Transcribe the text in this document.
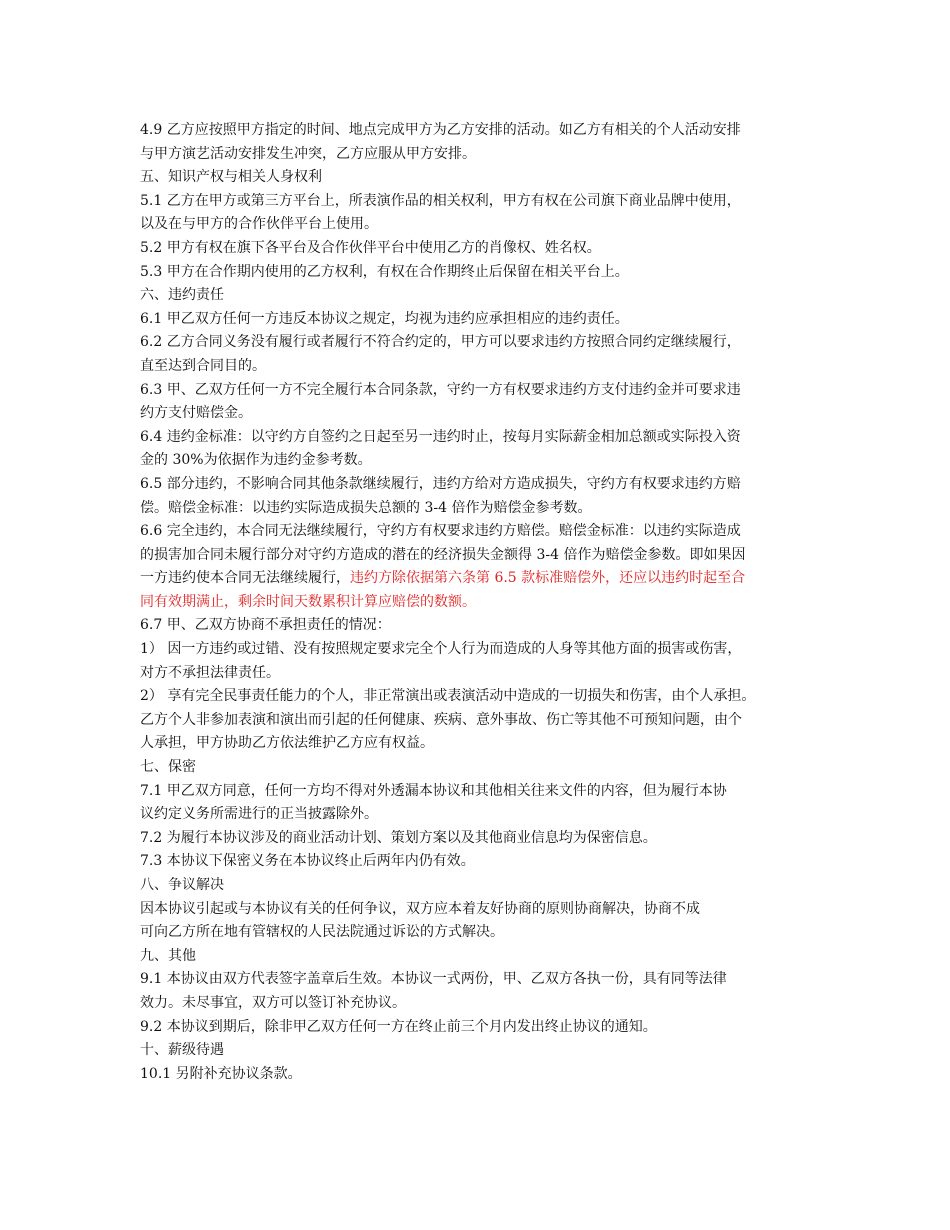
4.9 乙方应按照甲方指定的时间、地点完成甲方为乙方安排的活动。如乙方有相关的个人活动安排
与甲方演艺活动安排发生冲突，乙方应服从甲方安排。
五、知识产权与相关人身权利
5.1 乙方在甲方或第三方平台上，所表演作品的相关权利，甲方有权在公司旗下商业品牌中使用，
以及在与甲方的合作伙伴平台上使用。
5.2 甲方有权在旗下各平台及合作伙伴平台中使用乙方的肖像权、姓名权。
5.3 甲方在合作期内使用的乙方权利，有权在合作期终止后保留在相关平台上。
六、违约责任
6.1 甲乙双方任何一方违反本协议之规定，均视为违约应承担相应的违约责任。
6.2 乙方合同义务没有履行或者履行不符合约定的，甲方可以要求违约方按照合同约定继续履行，
直至达到合同目的。
6.3 甲、乙双方任何一方不完全履行本合同条款，守约一方有权要求违约方支付违约金并可要求违
约方支付赔偿金。
6.4 违约金标准：以守约方自签约之日起至另一违约时止，按每月实际薪金相加总额或实际投入资
金的 30%为依据作为违约金参考数。
6.5 部分违约，不影响合同其他条款继续履行，违约方给对方造成损失，守约方有权要求违约方赔
偿。赔偿金标准：以违约实际造成损失总额的 3-4 倍作为赔偿金参考数。
6.6 完全违约，本合同无法继续履行，守约方有权要求违约方赔偿。赔偿金标准：以违约实际造成
的损害加合同未履行部分对守约方造成的潜在的经济损失金额得 3-4 倍作为赔偿金参数。即如果因
一方违约使本合同无法继续履行，违约方除依据第六条第 6.5 款标准赔偿外，还应以违约时起至合
同有效期满止，剩余时间天数累积计算应赔偿的数额。
6.7 甲、乙双方协商不承担责任的情况：
1） 因一方违约或过错、没有按照规定要求完全个人行为而造成的人身等其他方面的损害或伤害，
对方不承担法律责任。
2） 享有完全民事责任能力的个人，非正常演出或表演活动中造成的一切损失和伤害，由个人承担。
乙方个人非参加表演和演出而引起的任何健康、疾病、意外事故、伤亡等其他不可预知问题，由个
人承担，甲方协助乙方依法维护乙方应有权益。
七、保密
7.1 甲乙双方同意，任何一方均不得对外透漏本协议和其他相关往来文件的内容，但为履行本协
议约定义务所需进行的正当披露除外。
7.2 为履行本协议涉及的商业活动计划、策划方案以及其他商业信息均为保密信息。
7.3 本协议下保密义务在本协议终止后两年内仍有效。
八、争议解决
因本协议引起或与本协议有关的任何争议，双方应本着友好协商的原则协商解决，协商不成
可向乙方所在地有管辖权的人民法院通过诉讼的方式解决。
九、其他
9.1 本协议由双方代表签字盖章后生效。本协议一式两份，甲、乙双方各执一份，具有同等法律
效力。未尽事宜，双方可以签订补充协议。
9.2 本协议到期后，除非甲乙双方任何一方在终止前三个月内发出终止协议的通知。
十、薪级待遇
10.1 另附补充协议条款。
